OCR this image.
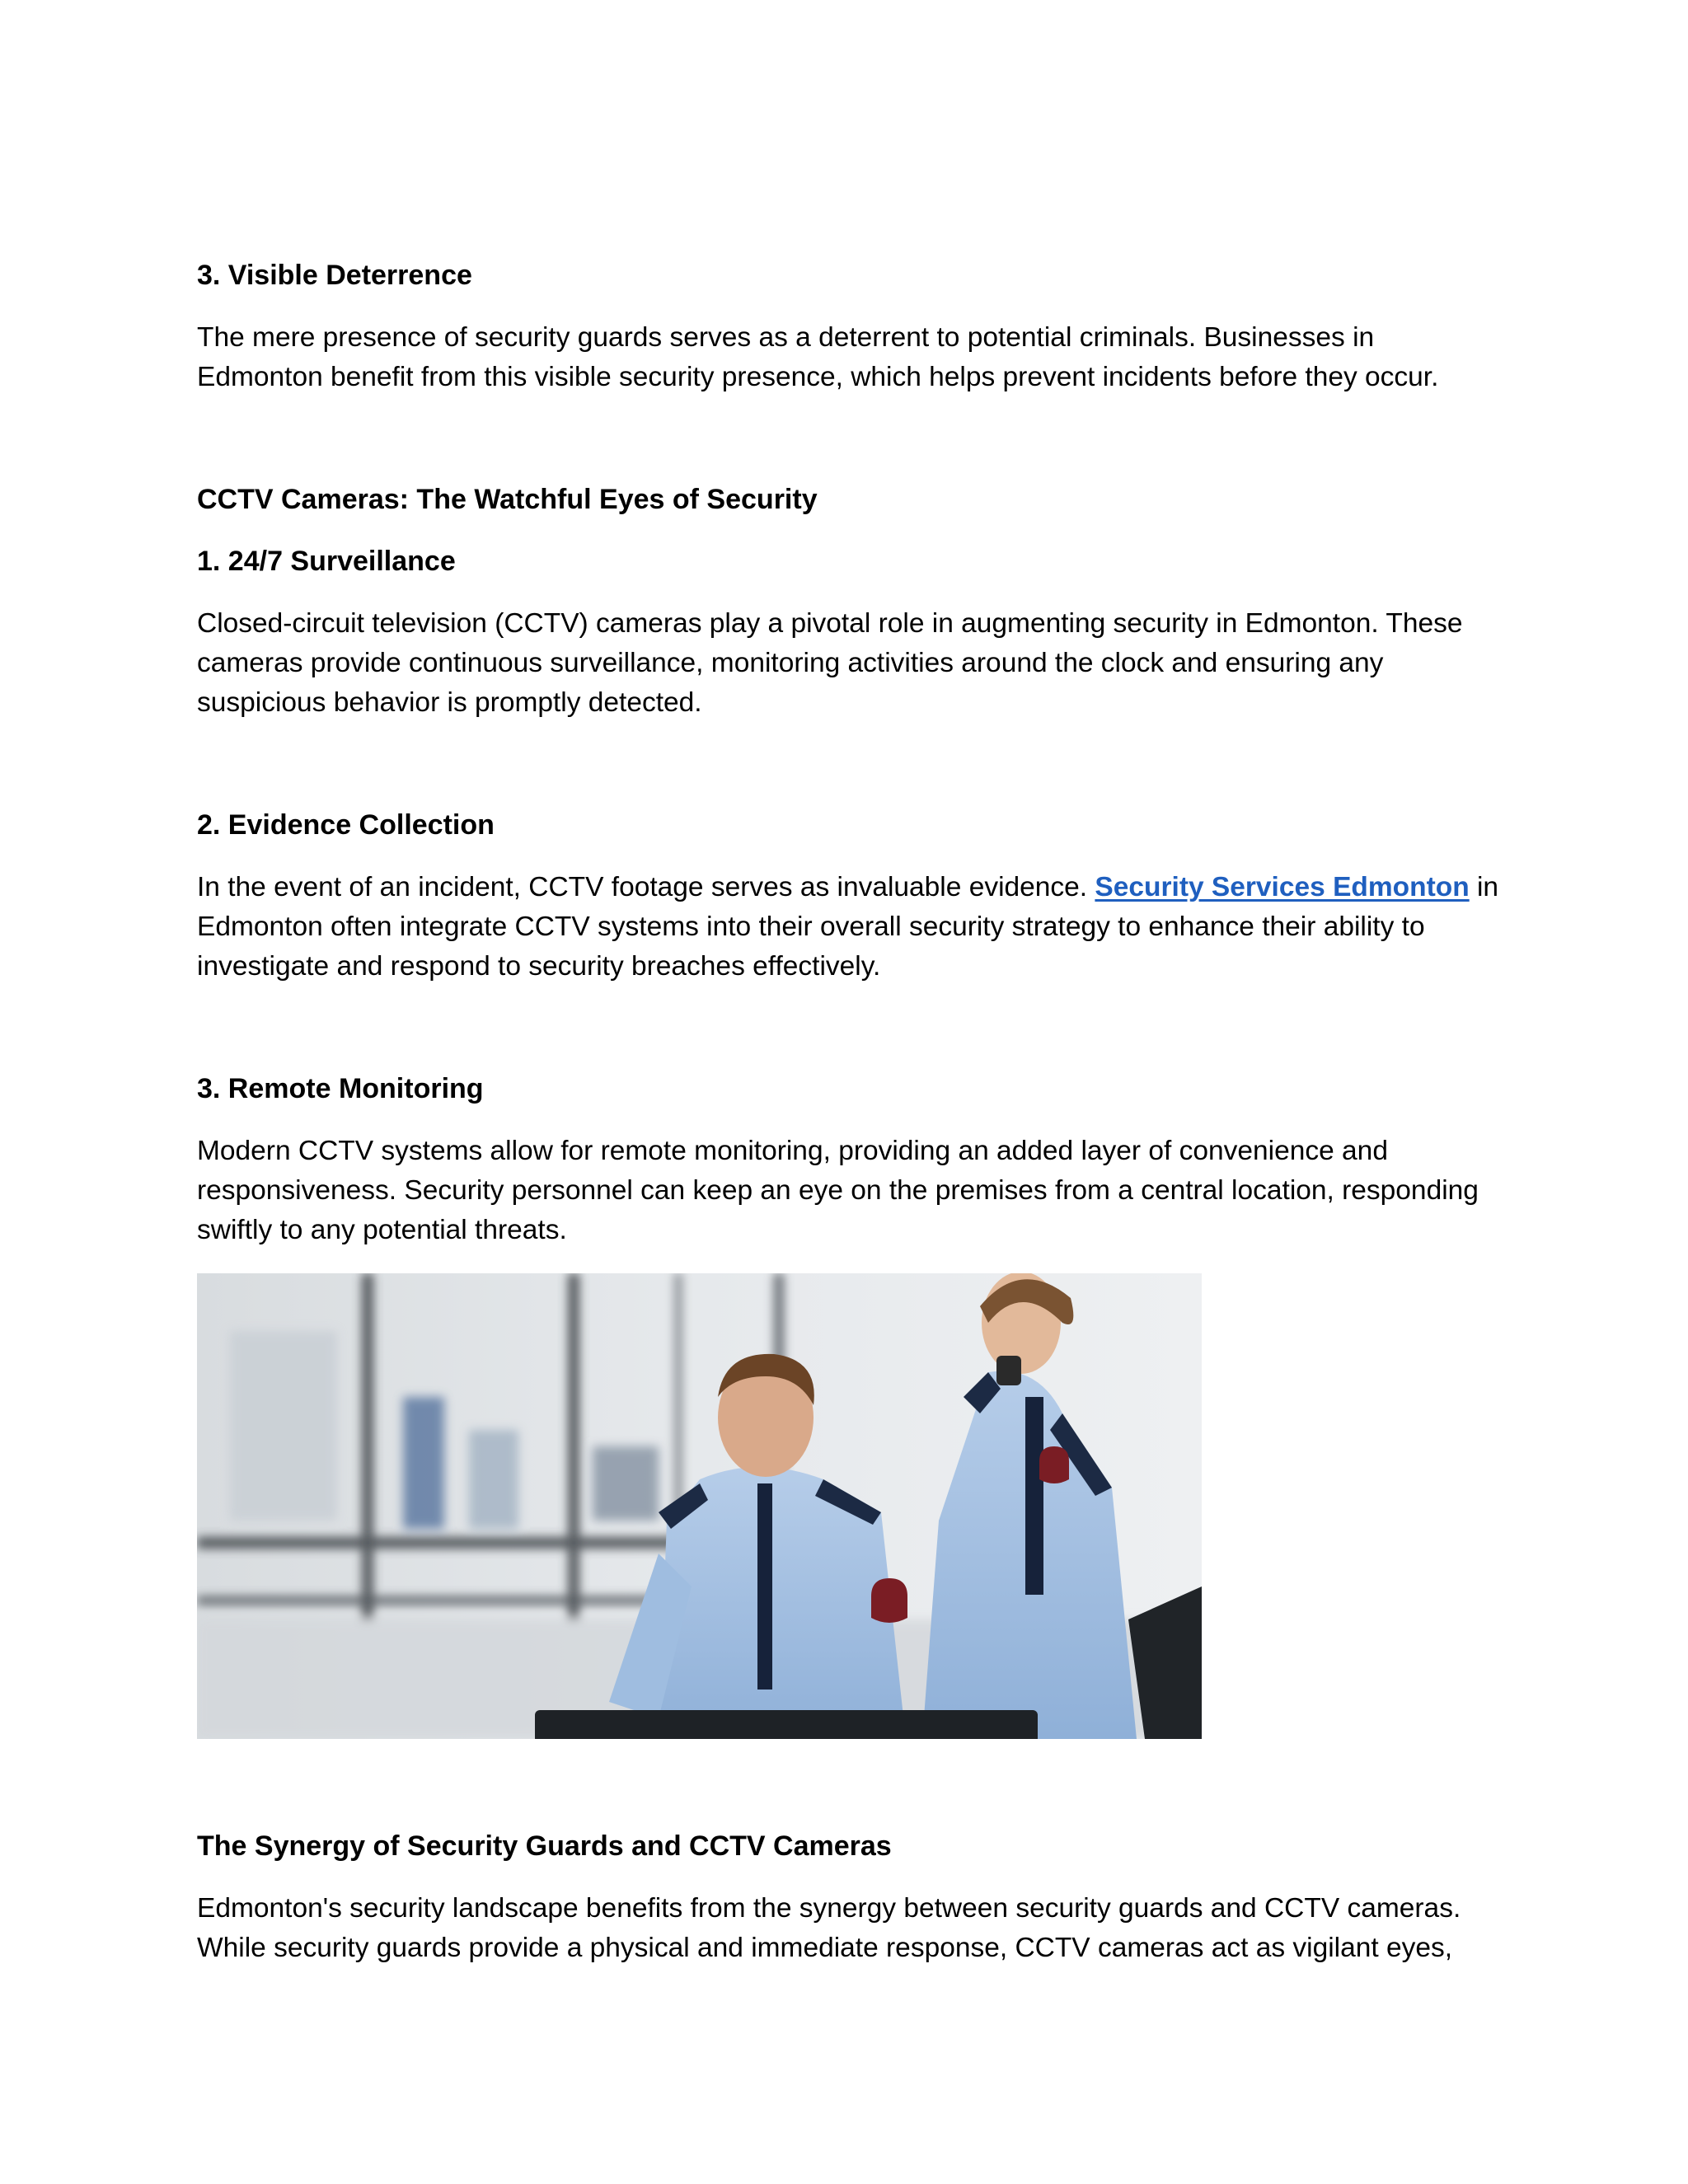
3. Visible Deterrence
The mere presence of security guards serves as a deterrent to potential criminals. Businesses in
Edmonton benefit from this visible security presence, which helps prevent incidents before they occur.
CCTV Cameras: The Watchful Eyes of Security
1. 24/7 Surveillance
Closed-circuit television (CCTV) cameras play a pivotal role in augmenting security in Edmonton. These
cameras provide continuous surveillance, monitoring activities around the clock and ensuring any
suspicious behavior is promptly detected.
2. Evidence Collection
In the event of an incident, CCTV footage serves as invaluable evidence. Security Services Edmonton in
Edmonton often integrate CCTV systems into their overall security strategy to enhance their ability to
investigate and respond to security breaches effectively.
3. Remote Monitoring
Modern CCTV systems allow for remote monitoring, providing an added layer of convenience and
responsiveness. Security personnel can keep an eye on the premises from a central location, responding
swiftly to any potential threats.
The Synergy of Security Guards and CCTV Cameras
Edmonton's security landscape benefits from the synergy between security guards and CCTV cameras.
While security guards provide a physical and immediate response, CCTV cameras act as vigilant eyes,
